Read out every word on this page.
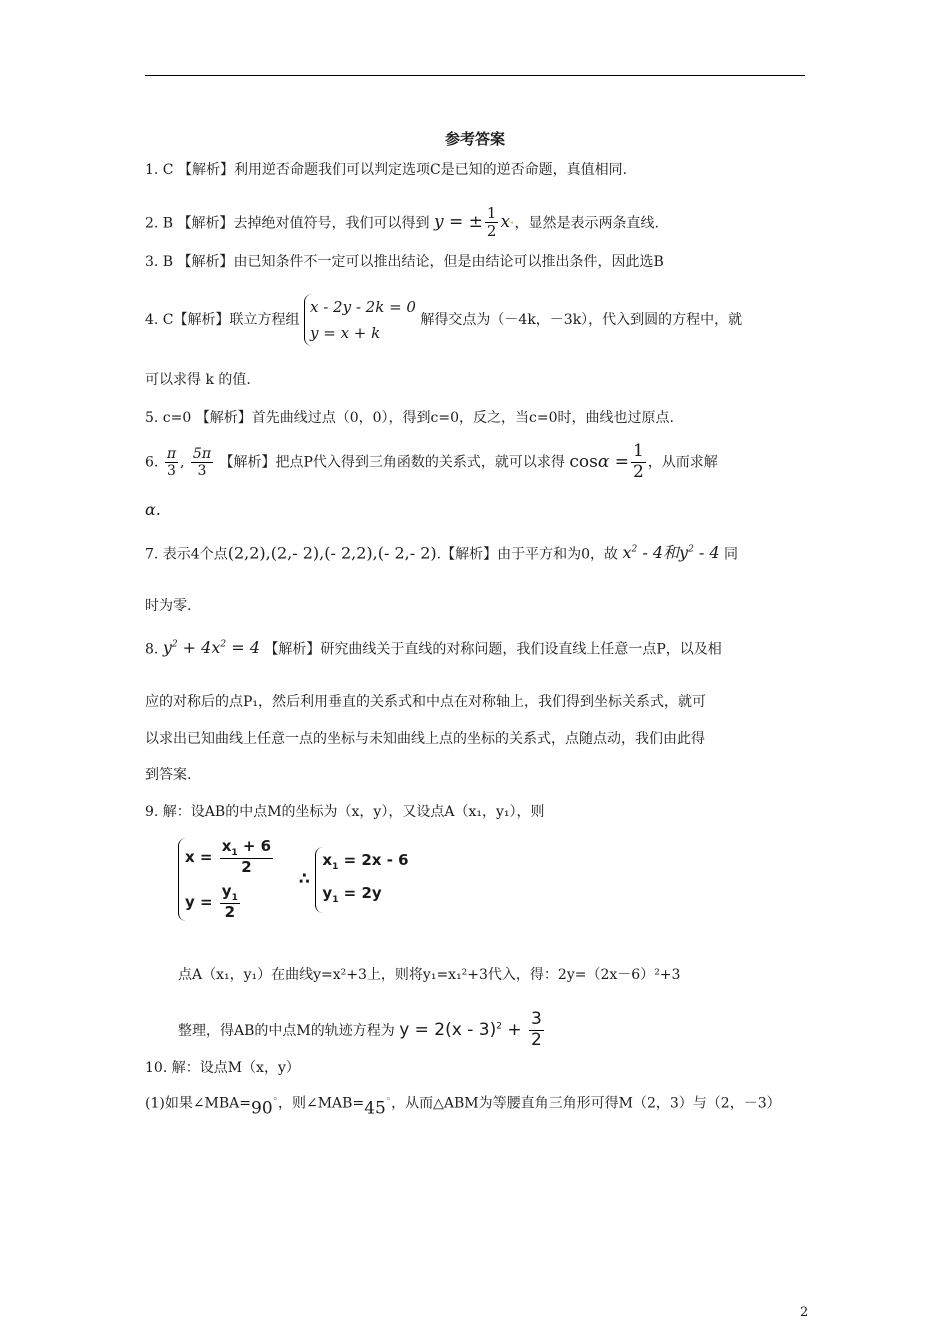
参考答案
1. C 【解析】利用逆否命题我们可以判定选项C是已知的逆否命题，真值相同.
2. B 【解析】去掉绝对值符号，我们可以得到 y = ± $\frac{1}{2} x\cdot$，显然是表示两条直线.
3. B 【解析】由已知条件不一定可以推出结论，但是由结论可以推出条件，因此选B
4. C【解析】联立方程组
x - 2y - 2k = 0
y = x + k
解得交点为（－4k，－3k），代入到圆的方程中，就
可以求得 k 的值.
5. c=0 【解析】首先曲线过点（0，0），得到c=0，反之，当c=0时，曲线也过原点.
6. $\frac{\pi}{3}$ , $\frac{5\pi}{3}$ 【解析】把点P代入得到三角函数的关系式，就可以求得 $\cos\alpha = \frac{1}{2}$ ，从而求解
α.
7. 表示4个点(2,2),(2,- 2),(- 2,2),(- 2,- 2).【解析】由于平方和为0，故 $x^2 - 4$和$y^2 - 4$ 同
时为零.
8. $y^2 + 4x^2 = 4$ 【解析】研究曲线关于直线的对称问题，我们设直线上任意一点P，以及相
应的对称后的点P₁，然后利用垂直的关系式和中点在对称轴上，我们得到坐标关系式，就可
以求出已知曲线上任意一点的坐标与未知曲线上点的坐标的关系式，点随点动，我们由此得
到答案.
9. 解：设AB的中点M的坐标为（x，y），又设点A（x₁，y₁），则
$x = \frac{x_1 + 6}{2}$
$y = \frac{y_1}{2}$
∴
$x_1 = 2x - 6$
$y_1 = 2y$
点A（x₁，y₁）在曲线y=x²+3上，则将y₁=x₁²+3代入，得：2y=（2x－6）²+3
整理，得AB的中点M的轨迹方程为 $y = 2(x - 3)^2 + \frac{3}{2}$
10. 解：设点M（x，y）
(1)如果∠MBA=90◦，则∠MAB=45◦，从而△ABM为等腰直角三角形可得M（2，3）与（2，－3）
2
